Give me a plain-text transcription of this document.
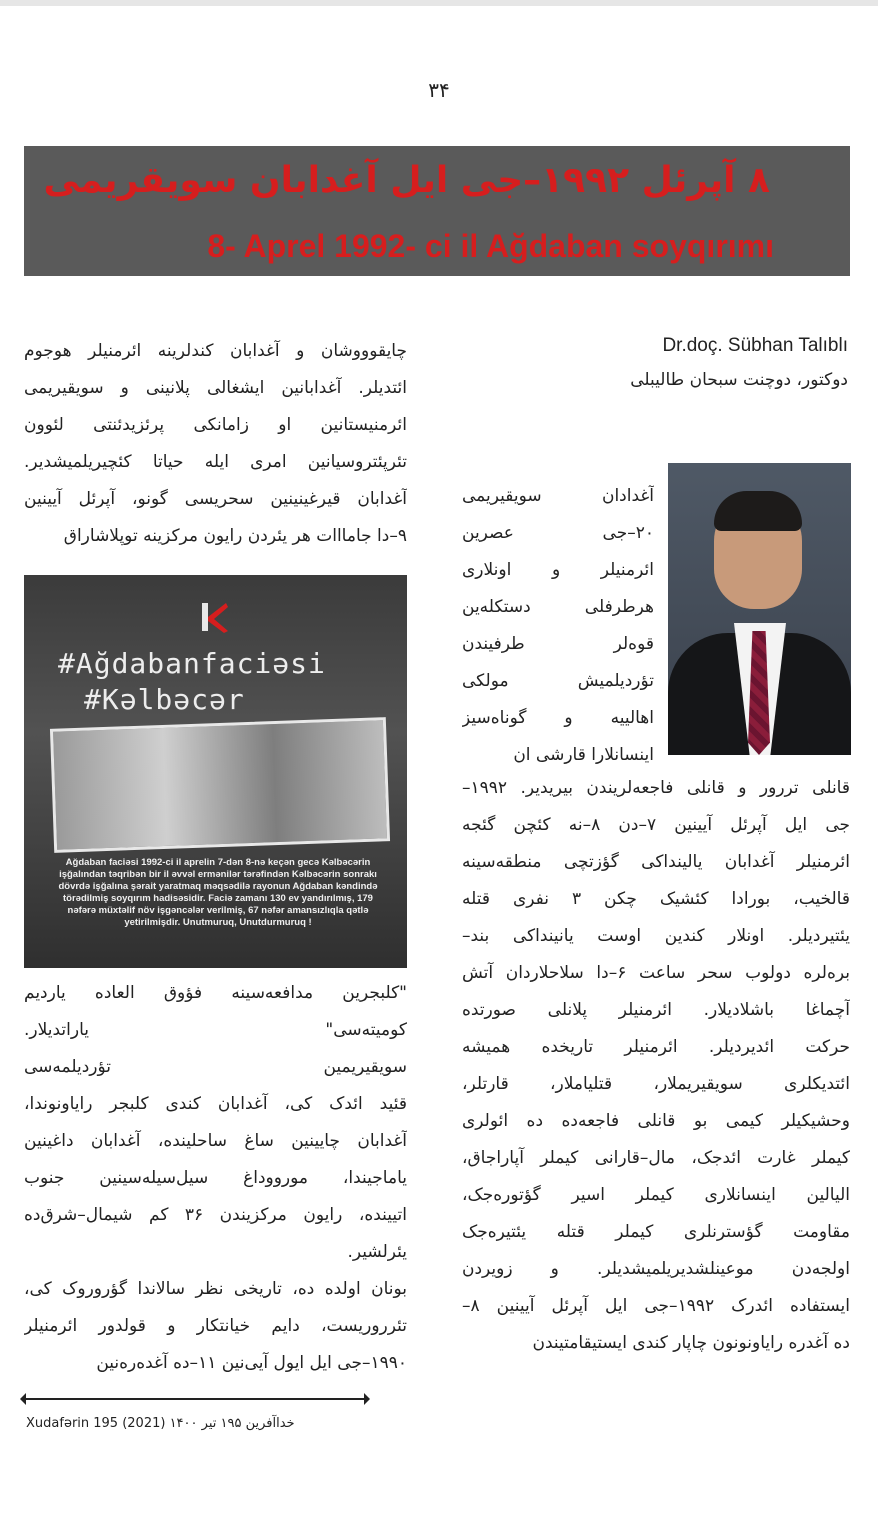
۳۴
۸ آپرئل ۱۹۹۲–جی ایل آغدابان سویقریمی
8- Aprel 1992- ci il Ağdaban soyqırımı
Dr.doç. Sübhan Talıblı
دوکتور، دوچنت سبحان طالیبلی
چایقوووشان و آغدابان کندلرینه ائرمنیلر هوجوم
ائتدیلر. آغدابانین ایشغالی پلانینی و سویقیریمی
ائرمنیستانین او زامانکی پرئزیدئنتی لئوون
تئرپئتروسیانین امری ایله حیاتا کئچیریلمیشدیر.
آغدابان قیرغینینین سحریسی گونو، آپرئل آیینین
۹–دا جامااات هر یئردن رایون مرکزینه توپلاشاراق
#Ağdabanfaciəsi
#Kəlbəcər
Ağdaban faciəsi 1992-ci il aprelin 7-dən 8-nə keçən gecə Kəlbəcərin işğalından təqribən bir il əvvəl ermənilər tərəfindən Kəlbəcərin sonrakı dövrdə işğalına şərait yaratmaq məqsədilə rayonun Ağdaban kəndində törədilmiş soyqırım hadisəsidir. Faciə zamanı 130 ev yandırılmış, 179 nəfərə müxtəlif növ işgəncələr verilmiş, 67 nəfər amansızlıqla qətlə yetirilmişdir. Unutmuruq, Unutdurmuruq !
"کلبجرین مدافعه‌سینه فؤوق العاده یاردیم
کومیته‌سی" یاراتدیلار.
سویقیریمین تؤردیلمه‌سی
قئید ائدک کی، آغدابان کندی کلبجر رایاونوندا،
آغدابان چایینین ساغ ساحلینده، آغدابان داغینین
یاماجیندا، مورووداغ سیل‌سیله‌سینین جنوب
اتیینده، رایون مرکزیندن ۳۶ کم شیمال–شرق‌ده
یئرلشیر.
بونان اولده ده، تاریخی نظر سالاندا گؤروروک کی،
تئرروریست، دایم خیانتکار و قولدور ائرمنیلر
۱۹۹۰–جی ایل ایول آیی‌نین ۱۱–ده آغده‌رەنین
آغدادان سویقیریمی
۲۰–جی عصرین
ائرمنیلر و اونلاری
هرطرفلی دستکله‌ین
قوه‌لر طرفیندن
تؤردیلمیش مولکی
اهالییه و گوناه‌سیز
اینسانلارا قارشی ان
قانلی تررور و قانلی فاجعه‌لریندن بیریدیر. ۱۹۹۲–
جی ایل آپرئل آیینین ۷–دن ۸–نه کئچن گئجه
ائرمنیلر آغدابان یالینداکی گؤزتچی منطقه‌سینه
قالخیب، بورادا کئشیک چکن ۳ نفری قتله
یئتیردیلر. اونلار کندین اوست یانینداکی بند–
برەلره دولوب سحر ساعت ۶–دا سلاحلاردان آتش
آچماغا باشلادیلار. ائرمنیلر پلانلی صورتده
حرکت ائدیردیلر. ائرمنیلر تاریخده همیشه
ائتدیکلری سویقیریملار، قتلیاملار، قارتلر،
وحشیکیلر کیمی بو قانلی فاجعه‌ده ده ائولری
کیملر غارت ائدجک، مال–قارانی کیملر آپاراجاق،
الیالین اینسانلاری کیملر اسیر گؤتوره‌جک،
مقاومت گؤسترنلری کیملر قتله یئتیره‌جک
اولجه‌دن موعینلشدیریلمیشدیلر. و زویردن
ایستفاده ائدرک ۱۹۹۲–جی ایل آپرئل آیینین ۸–
ده آغدره رایاونونون چاپار کندی ایستیقامتیندن
Xudafərin 195 (2021) خداآفرین ۱۹۵ تیر ۱۴۰۰
